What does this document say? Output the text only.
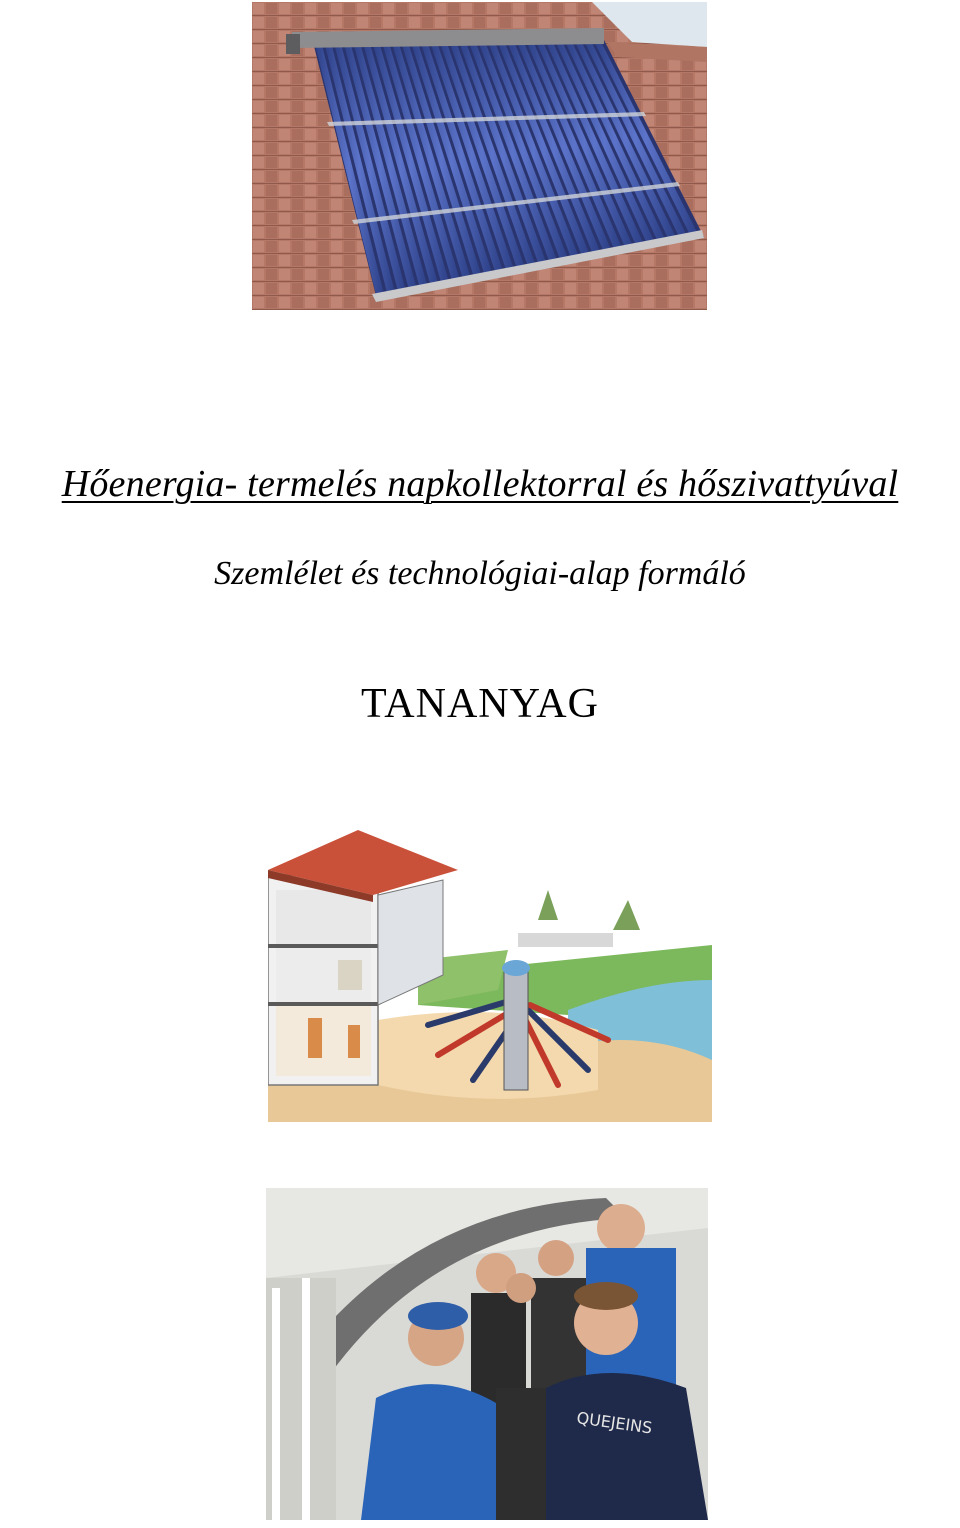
Hőenergia- termelés napkollektorral és hőszivattyúval

Szemlélet és technológiai-alap formáló

TANANYAG

QUEJEINS
